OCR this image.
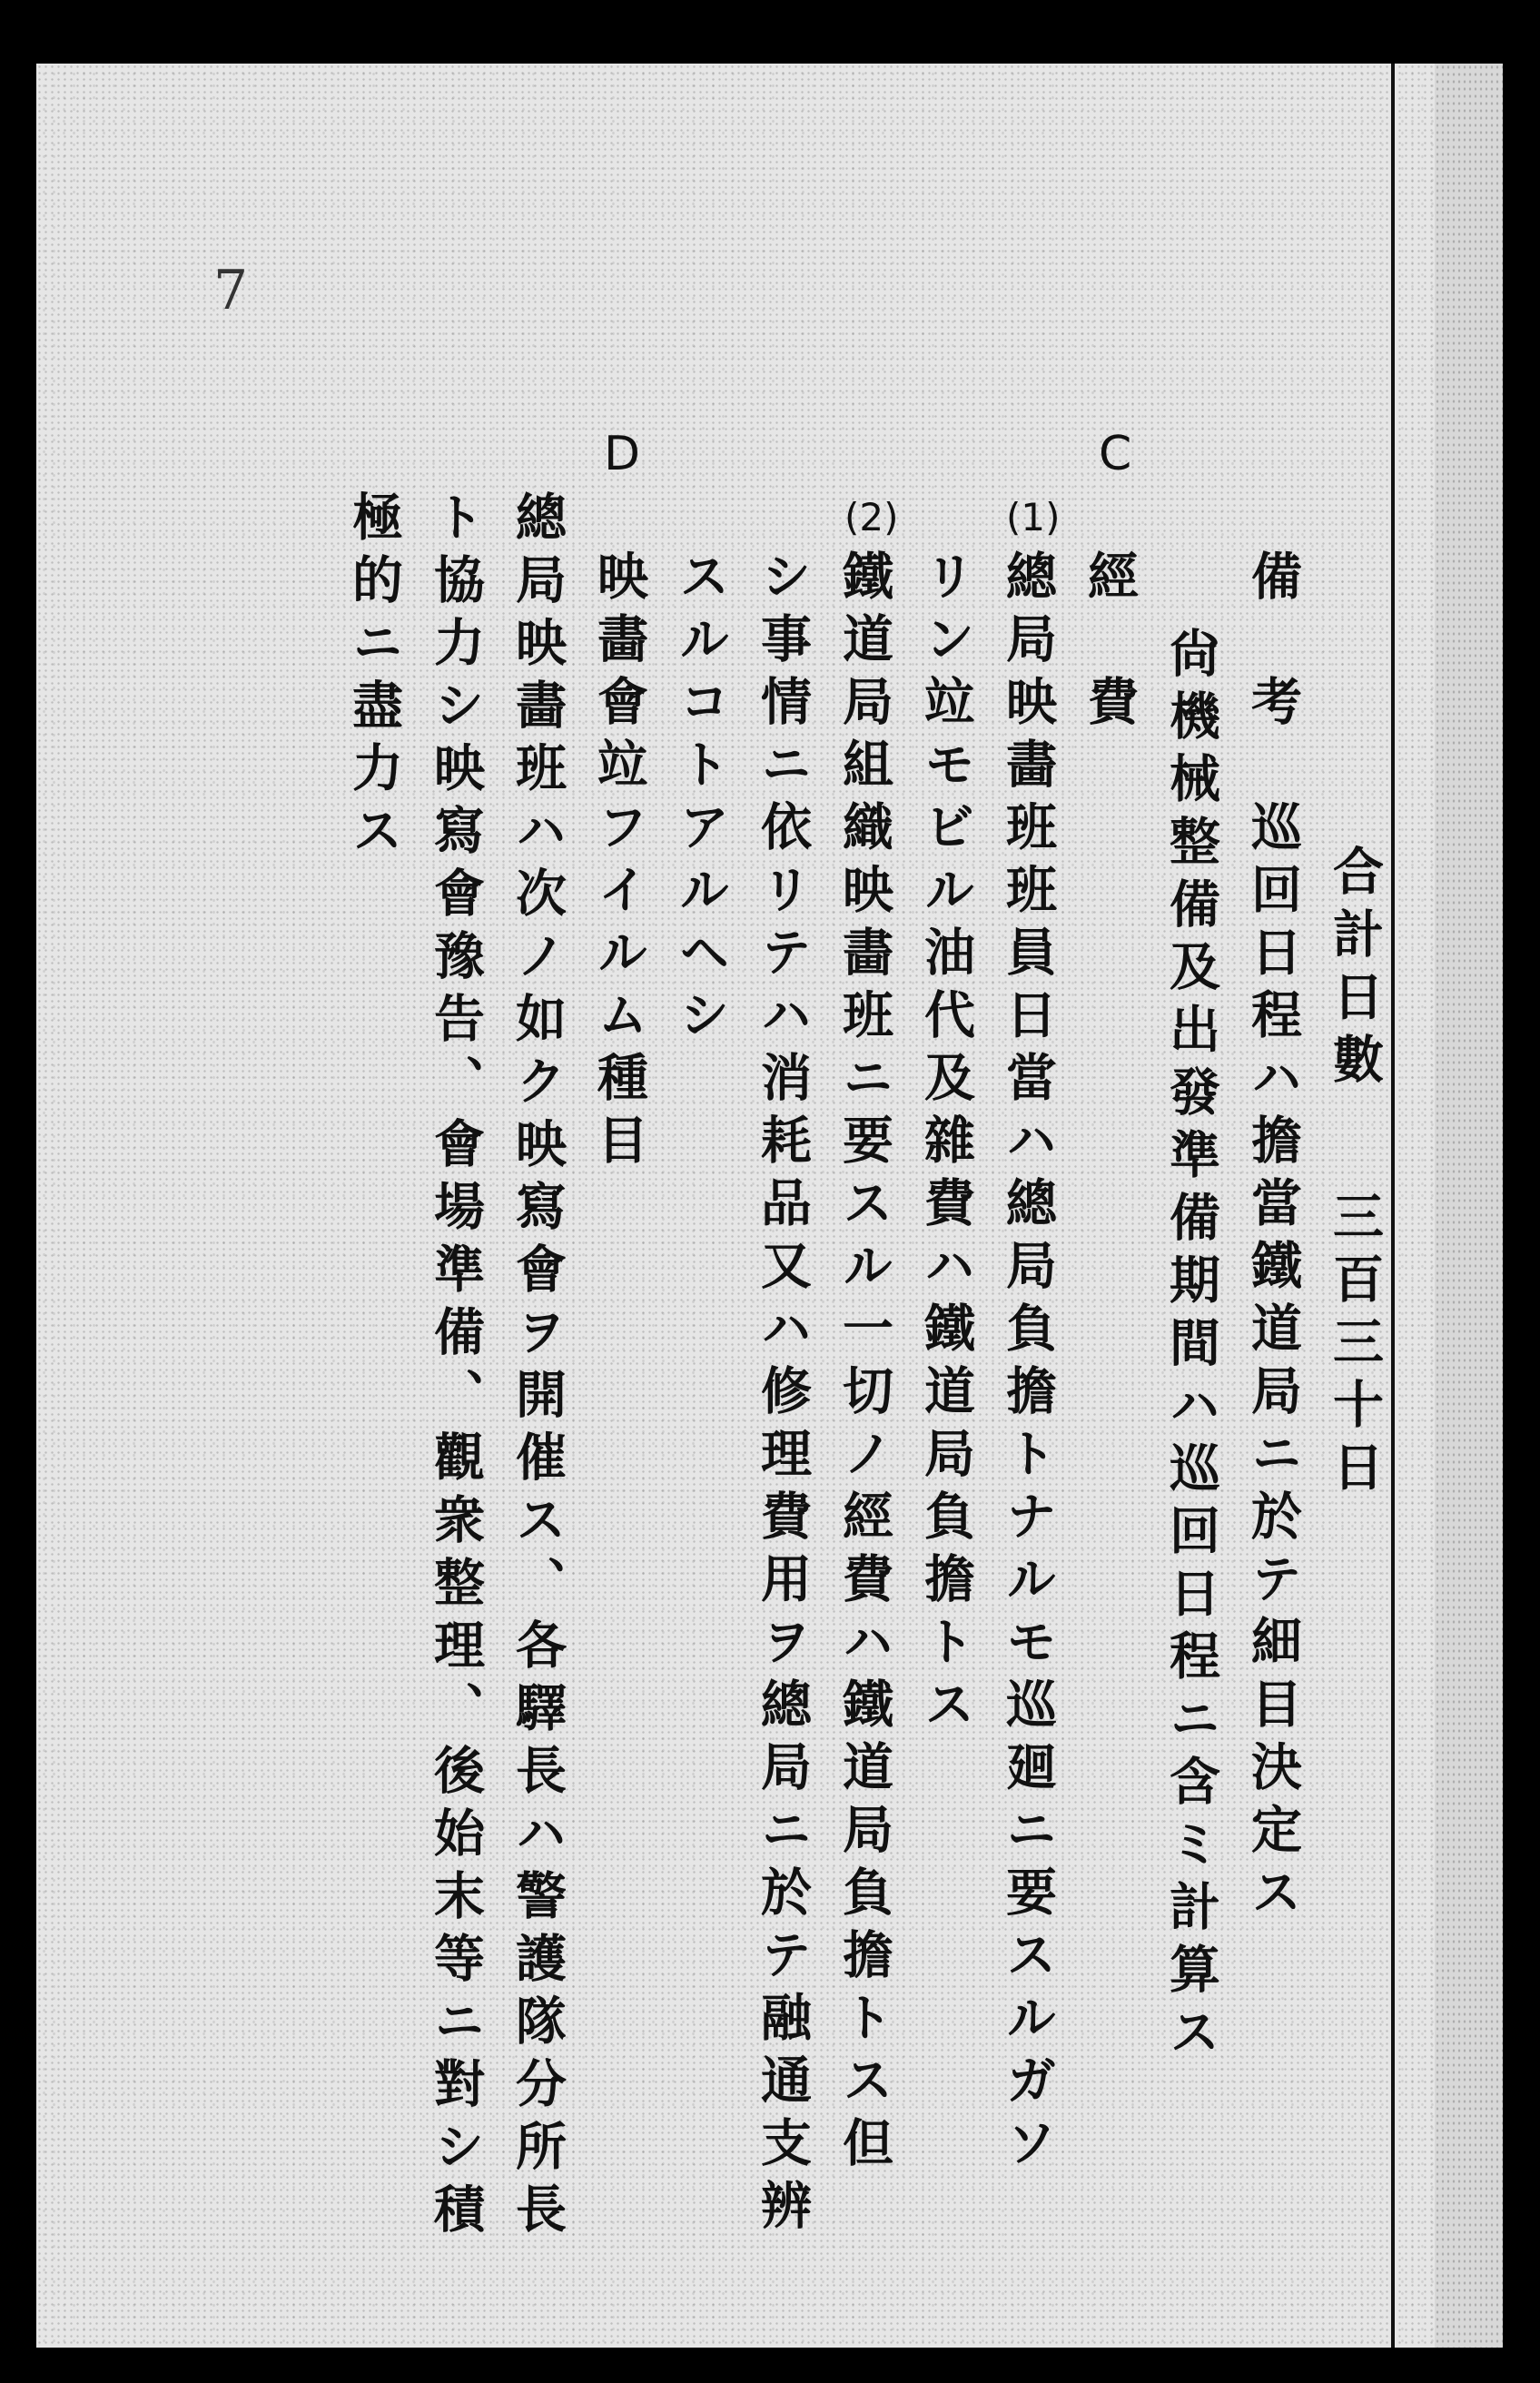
7
C
D
(1)
(2)
合計日數
三百三十日
備　考　巡回日程ハ擔當鐵道局ニ於テ細目決定ス
尙機械整備及出發準備期間ハ巡回日程ニ含ミ計算ス
經　費
總局映畵班班員日當ハ總局負擔トナルモ巡廻ニ要スルガソ
リン竝モビル油代及雜費ハ鐵道局負擔トス
鐵道局組織映畵班ニ要スル一切ノ經費ハ鐵道局負擔トス但
シ事情ニ依リテハ消耗品又ハ修理費用ヲ總局ニ於テ融通支辨
スルコトアルヘシ
映畵會竝フイルム種目
總局映畵班ハ次ノ如ク映寫會ヲ開催ス、各驛長ハ警護隊分所長
ト協力シ映寫會豫告、會場準備、觀衆整理、後始末等ニ對シ積
極的ニ盡力ス
